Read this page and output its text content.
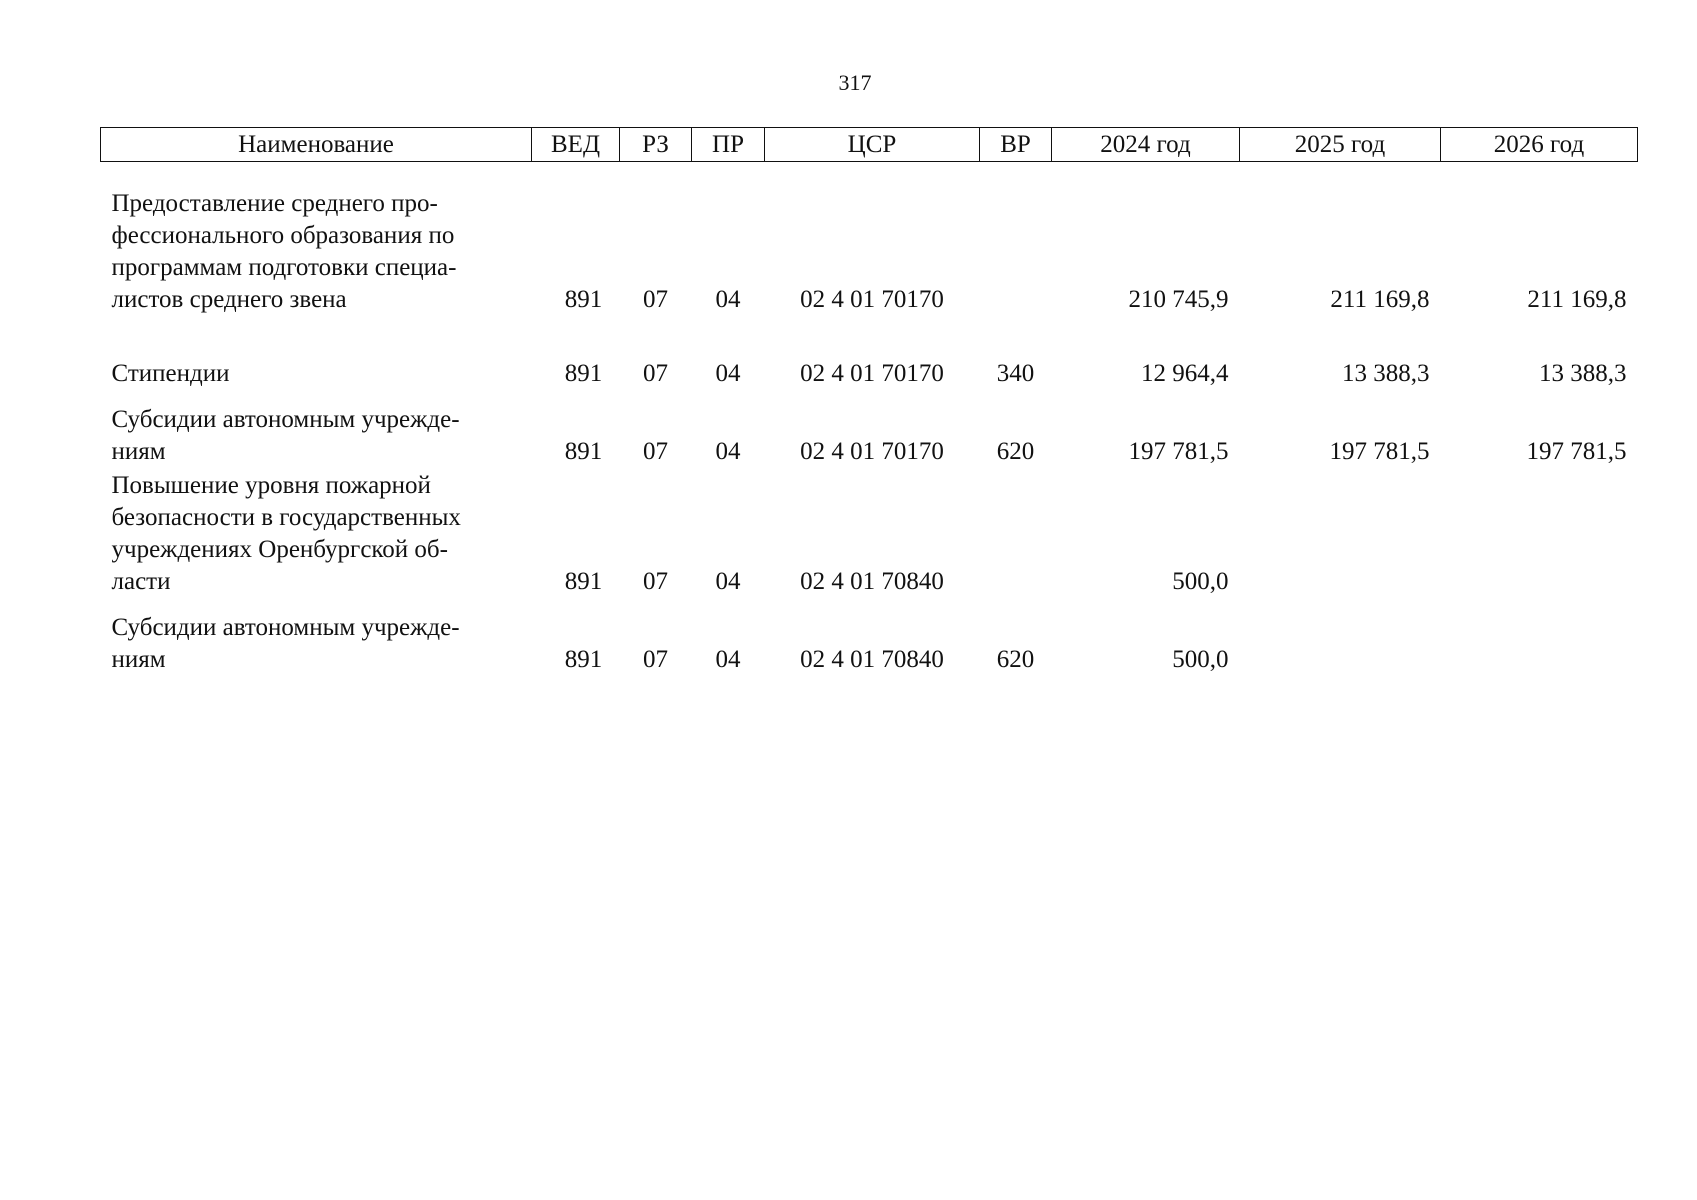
317
Наименование	ВЕД	РЗ	ПР	ЦСР	ВР	2024 год	2025 год	2026 год

Предоставление среднего про-
фессионального образования по
программам подготовки специа-
листов среднего звена	891	07	04	02 4 01 70170		210 745,9	211 169,8	211 169,8
Стипендии	891	07	04	02 4 01 70170	340	12 964,4	13 388,3	13 388,3
Субсидии автономным учрежде-
ниям	891	07	04	02 4 01 70170	620	197 781,5	197 781,5	197 781,5
Повышение уровня пожарной
безопасности в государственных
учреждениях Оренбургской об-
ласти	891	07	04	02 4 01 70840		500,0		
Субсидии автономным учрежде-
ниям	891	07	04	02 4 01 70840	620	500,0		
